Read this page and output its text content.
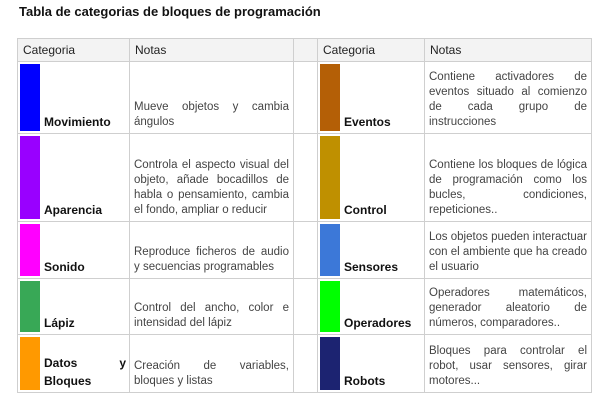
Tabla de categorias de bloques de programación
Categoria	Notas		Categoria	Notas

Movimiento	Mueve objetos y cambia ángulos		Eventos	Contiene activadores de eventos situado al comienzo de cada grupo de instrucciones

Aparencia	Controla el aspecto visual del objeto, añade bocadillos de habla o pensamiento, cambia el fondo, ampliar o reducir		Control	Contiene los bloques de lógica de programación como los bucles, condiciones, repeticiones..

Sonido	Reproduce ficheros de audio y secuencias programables		Sensores	Los objetos pueden interactuar con el ambiente que ha creado el usuario

Lápiz	Control del ancho, color e intensidad del lápiz		Operadores	Operadores matemáticos, generador aleatorio de números, comparadores..

Datos y
Bloques	Creación de variables, bloques y listas		Robots	Bloques para controlar el robot, usar sensores, girar motores...
